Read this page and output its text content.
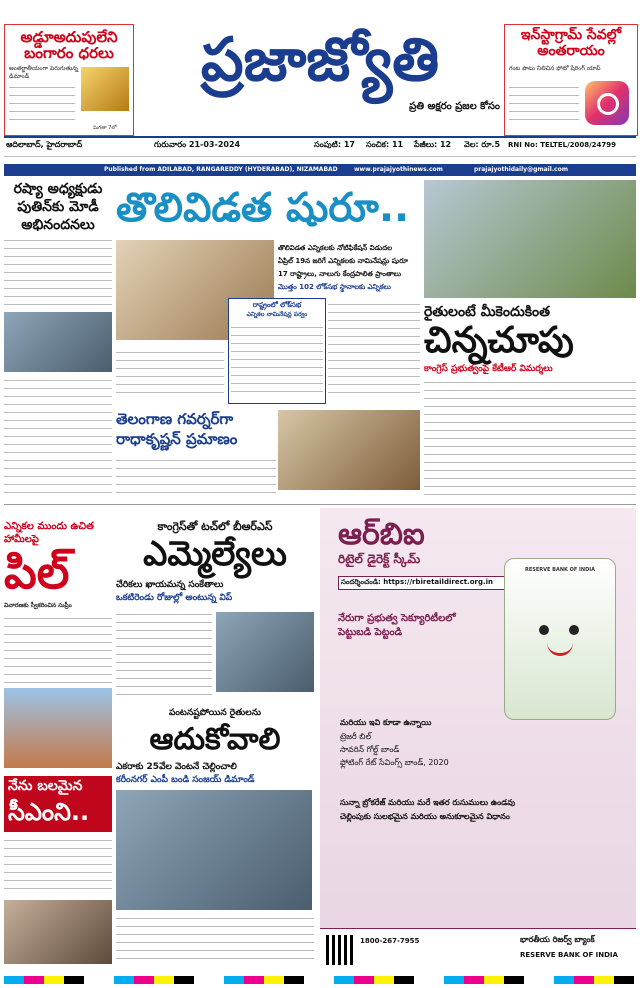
అడ్డూఅదుపులేని బంగారం ధరలు
అంతర్జాతీయంగా పెరుగుతున్న డిమాండ్
మిగతా 7లో
ప్రజాజ్యోతి
ప్రతి అక్షరం ప్రజల కోసం
ఇన్‌స్టాగ్రామ్ సేవల్లో అంతరాయం
గంట పాటు నిలిచిన ఫోటో షేరింగ్ యాప్
ఆదిలాబాద్, హైదరాబాద్	గురువారం 21-03-2024	సంపుటి: 17 సంచిక: 11 పేజీలు: 12 వెల: రూ.5 RNI No: TELTEL/2008/24799
Published from ADILABAD, RANGAREDDY (HYDERABAD), NIZAMABAD	www.prajajyothinews.com	prajajyothidaily@gmail.com
రష్యా అధ్యక్షుడు పుతిన్‌కు మోడీ అభినందనలు తొలివిడత షురూ..
తొలివిడత ఎన్నికలకు నోటిఫికేషన్ విడుదల
ఏప్రిల్ 19న జరిగే ఎన్నికలకు నామినేషన్లు షురూ
17 రాష్ట్రాలు, నాలుగు కేంద్రపాలిత ప్రాంతాలు
మొత్తం 102 లోక్‌సభ స్థానాలకు ఎన్నికలు
రాష్ట్రంలో లోక్‌సభ
ఎన్నికల నామినేషన్ల పర్వం	రైతులంటే మీకెందుకింత
చిన్నచూపు
కాంగ్రెస్ ప్రభుత్వంపై కేటీఆర్ విమర్శలు
తెలంగాణ గవర్నర్‌గా
రాధాకృష్ణన్ ప్రమాణం
ఎన్నికల ముందు ఉచిత హామీలపై
పిల్
విచారణకు స్వీకరించిన సుప్రీం
నేను బలమైన
సీఎంని..
కాంగ్రెస్‌తో టచ్‌లో బీఆర్‌ఎస్
ఎమ్మెల్యేలు
చేరికలు ఖాయమన్న సంకేతాలు
ఒకటిరెండు రోజుల్లో అంటున్న విప్
పంటనష్టపోయిన రైతులను
ఆదుకోవాలి
ఎకరాకు 25వేల వెంటనే చెల్లించాలి
కరీంనగర్ ఎంపీ బండి సంజయ్ డిమాండ్
ఆర్‌బిఐ
రిటైల్ డైరెక్ట్ స్కీమ్
సందర్శించండి: https://rbiretaildirect.org.in
నేరుగా ప్రభుత్వ సెక్యూరిటీలలో
పెట్టుబడి పెట్టండి
RESERVE BANK OF INDIA
మరియు ఇవి కూడా ఉన్నాయి
ట్రెజరీ బిల్
సావరిన్ గోల్డ్ బాండ్
ఫ్లోటింగ్ రేట్ సేవింగ్స్ బాండ్, 2020
సున్నా బ్రోకరేజ్ మరియు మరే ఇతర రుసుములు ఉండవు
చెల్లింపుకు సులభమైన మరియు అనుకూలమైన విధానం
1800-267-7955	భారతీయ రిజర్వ్ బ్యాంక్
RESERVE BANK OF INDIA
